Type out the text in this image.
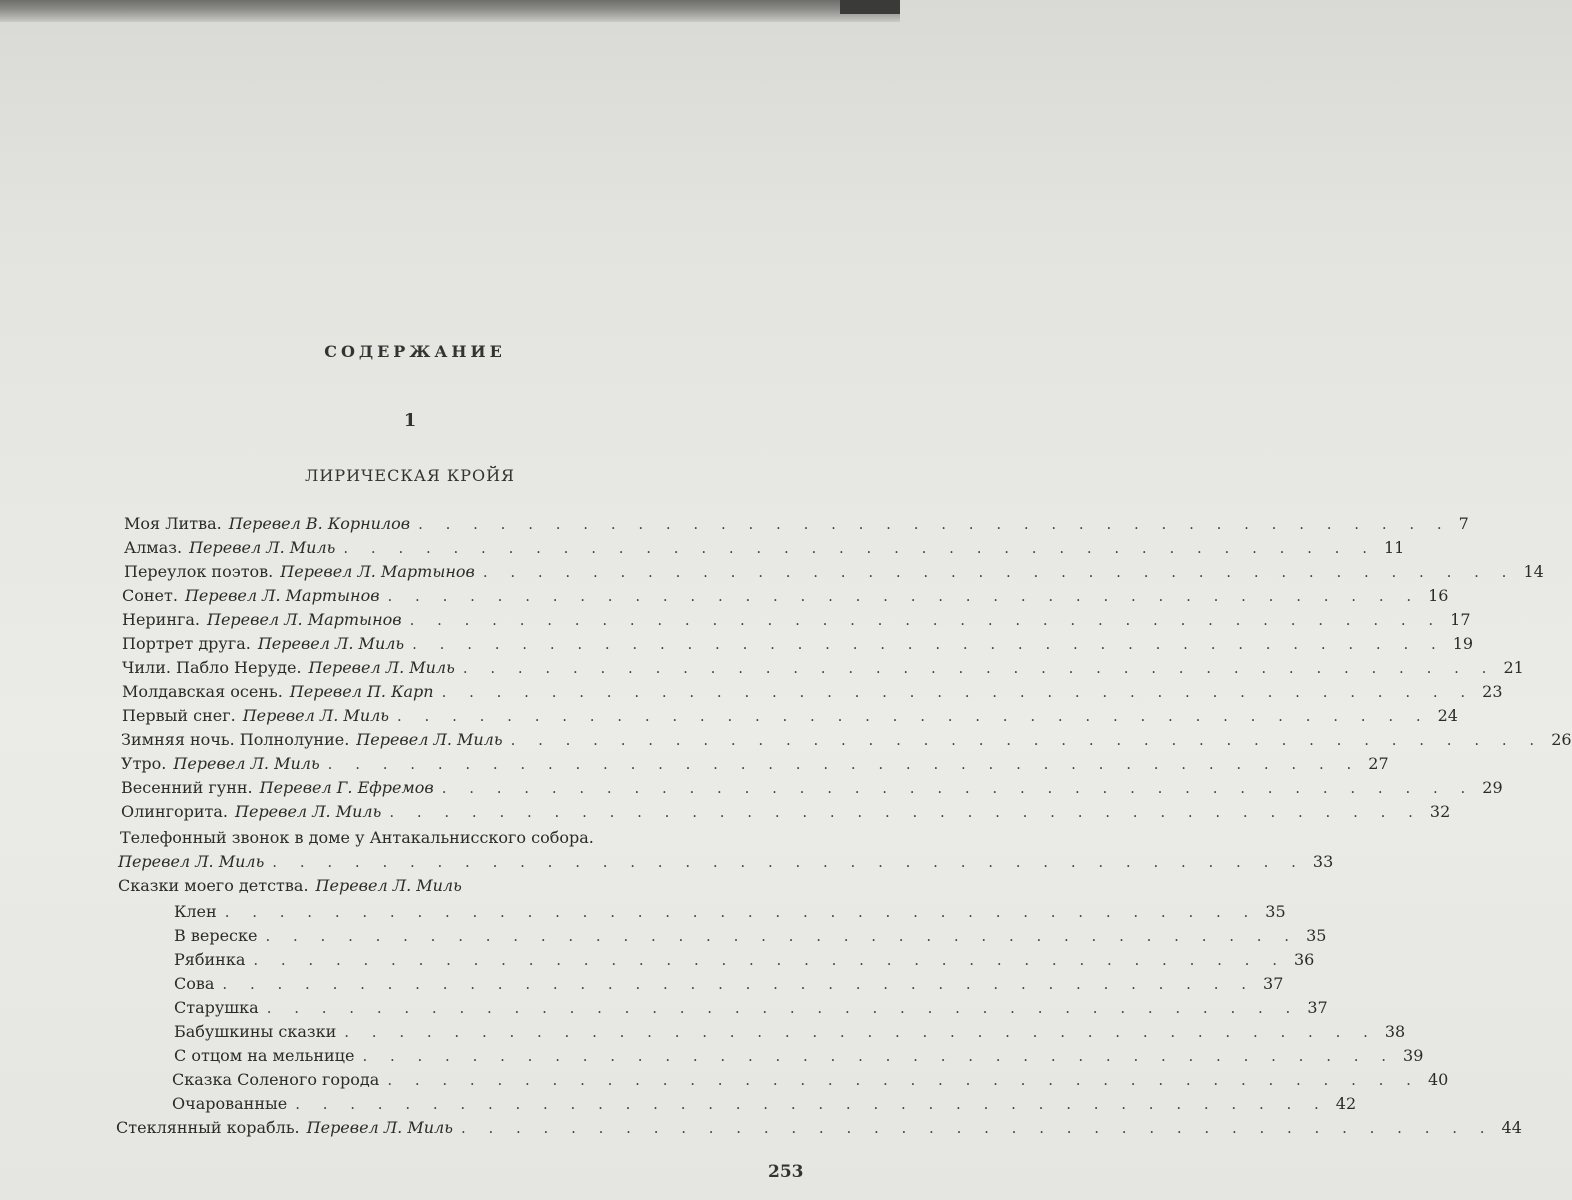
СОДЕРЖАНИЕ
1
ЛИРИЧЕСКАЯ КРОЙЯ
Моя Литва. Перевел В. Корнилов . . . . . . . . . . . . . . . . . . . . . . . . . . . . . . . . . . . . . . 7
Алмаз. Перевел Л. Миль . . . . . . . . . . . . . . . . . . . . . . . . . . . . . . . . . . . . . . 11
Переулок поэтов. Перевел Л. Мартынов . . . . . . . . . . . . . . . . . . . . . . . . . . . . . . . . . . . . . . 14
Сонет. Перевел Л. Мартынов . . . . . . . . . . . . . . . . . . . . . . . . . . . . . . . . . . . . . . 16
Неринга. Перевел Л. Мартынов . . . . . . . . . . . . . . . . . . . . . . . . . . . . . . . . . . . . . . 17
Портрет друга. Перевел Л. Миль . . . . . . . . . . . . . . . . . . . . . . . . . . . . . . . . . . . . . . 19
Чили. Пабло Неруде. Перевел Л. Миль . . . . . . . . . . . . . . . . . . . . . . . . . . . . . . . . . . . . . . 21
Молдавская осень. Перевел П. Карп . . . . . . . . . . . . . . . . . . . . . . . . . . . . . . . . . . . . . . 23
Первый снег. Перевел Л. Миль . . . . . . . . . . . . . . . . . . . . . . . . . . . . . . . . . . . . . . 24
Зимняя ночь. Полнолуние. Перевел Л. Миль . . . . . . . . . . . . . . . . . . . . . . . . . . . . . . . . . . . . . . 26
Утро. Перевел Л. Миль . . . . . . . . . . . . . . . . . . . . . . . . . . . . . . . . . . . . . . 27
Весенний гунн. Перевел Г. Ефремов . . . . . . . . . . . . . . . . . . . . . . . . . . . . . . . . . . . . . . 29
Олингорита. Перевел Л. Миль . . . . . . . . . . . . . . . . . . . . . . . . . . . . . . . . . . . . . . 32
Телефонный звонок в доме у Антакальнисского собора.
Перевел Л. Миль . . . . . . . . . . . . . . . . . . . . . . . . . . . . . . . . . . . . . . 33
Сказки моего детства. Перевел Л. Миль
Клен . . . . . . . . . . . . . . . . . . . . . . . . . . . . . . . . . . . . . . 35
В вереске . . . . . . . . . . . . . . . . . . . . . . . . . . . . . . . . . . . . . . 35
Рябинка . . . . . . . . . . . . . . . . . . . . . . . . . . . . . . . . . . . . . . 36
Сова . . . . . . . . . . . . . . . . . . . . . . . . . . . . . . . . . . . . . . 37
Старушка . . . . . . . . . . . . . . . . . . . . . . . . . . . . . . . . . . . . . . 37
Бабушкины сказки . . . . . . . . . . . . . . . . . . . . . . . . . . . . . . . . . . . . . . 38
С отцом на мельнице . . . . . . . . . . . . . . . . . . . . . . . . . . . . . . . . . . . . . . 39
Сказка Соленого города . . . . . . . . . . . . . . . . . . . . . . . . . . . . . . . . . . . . . . 40
Очарованные . . . . . . . . . . . . . . . . . . . . . . . . . . . . . . . . . . . . . . 42
Стеклянный корабль. Перевел Л. Миль . . . . . . . . . . . . . . . . . . . . . . . . . . . . . . . . . . . . . . 44
253
